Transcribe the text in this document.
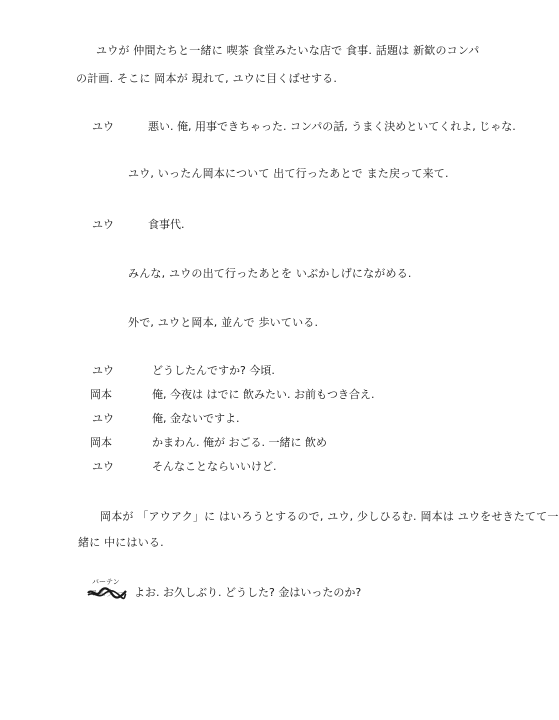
ユウが 仲間たちと一緒に 喫茶 食堂みたいな店で 食事. 話題は 新歓のコンパ
の計画. そこに 岡本が 現れて, ユウに目くばせする.
ユウ	悪い. 俺, 用事できちゃった. コンパの話, うまく決めといてくれよ, じゃな.
ユウ, いったん岡本について 出て行ったあとで また戻って来て.
ユウ	食事代.
みんな, ユウの出て行ったあとを いぶかしげにながめる.
外で, ユウと岡本, 並んで 歩いている.
ユウ	どうしたんですか? 今頃.
岡本	俺, 今夜は はでに 飲みたい. お前もつき合え.
ユウ	俺, 金ないですよ.
岡本	かまわん. 俺が おごる. 一緒に 飲め
ユウ	そんなことならいいけど.
岡本が 「アウアク」に はいろうとするので, ユウ, 少しひるむ. 岡本は ユウをせきたてて一
緒に 中にはいる.
バーテン
マスター よお. お久しぶり. どうした? 金はいったのか?
